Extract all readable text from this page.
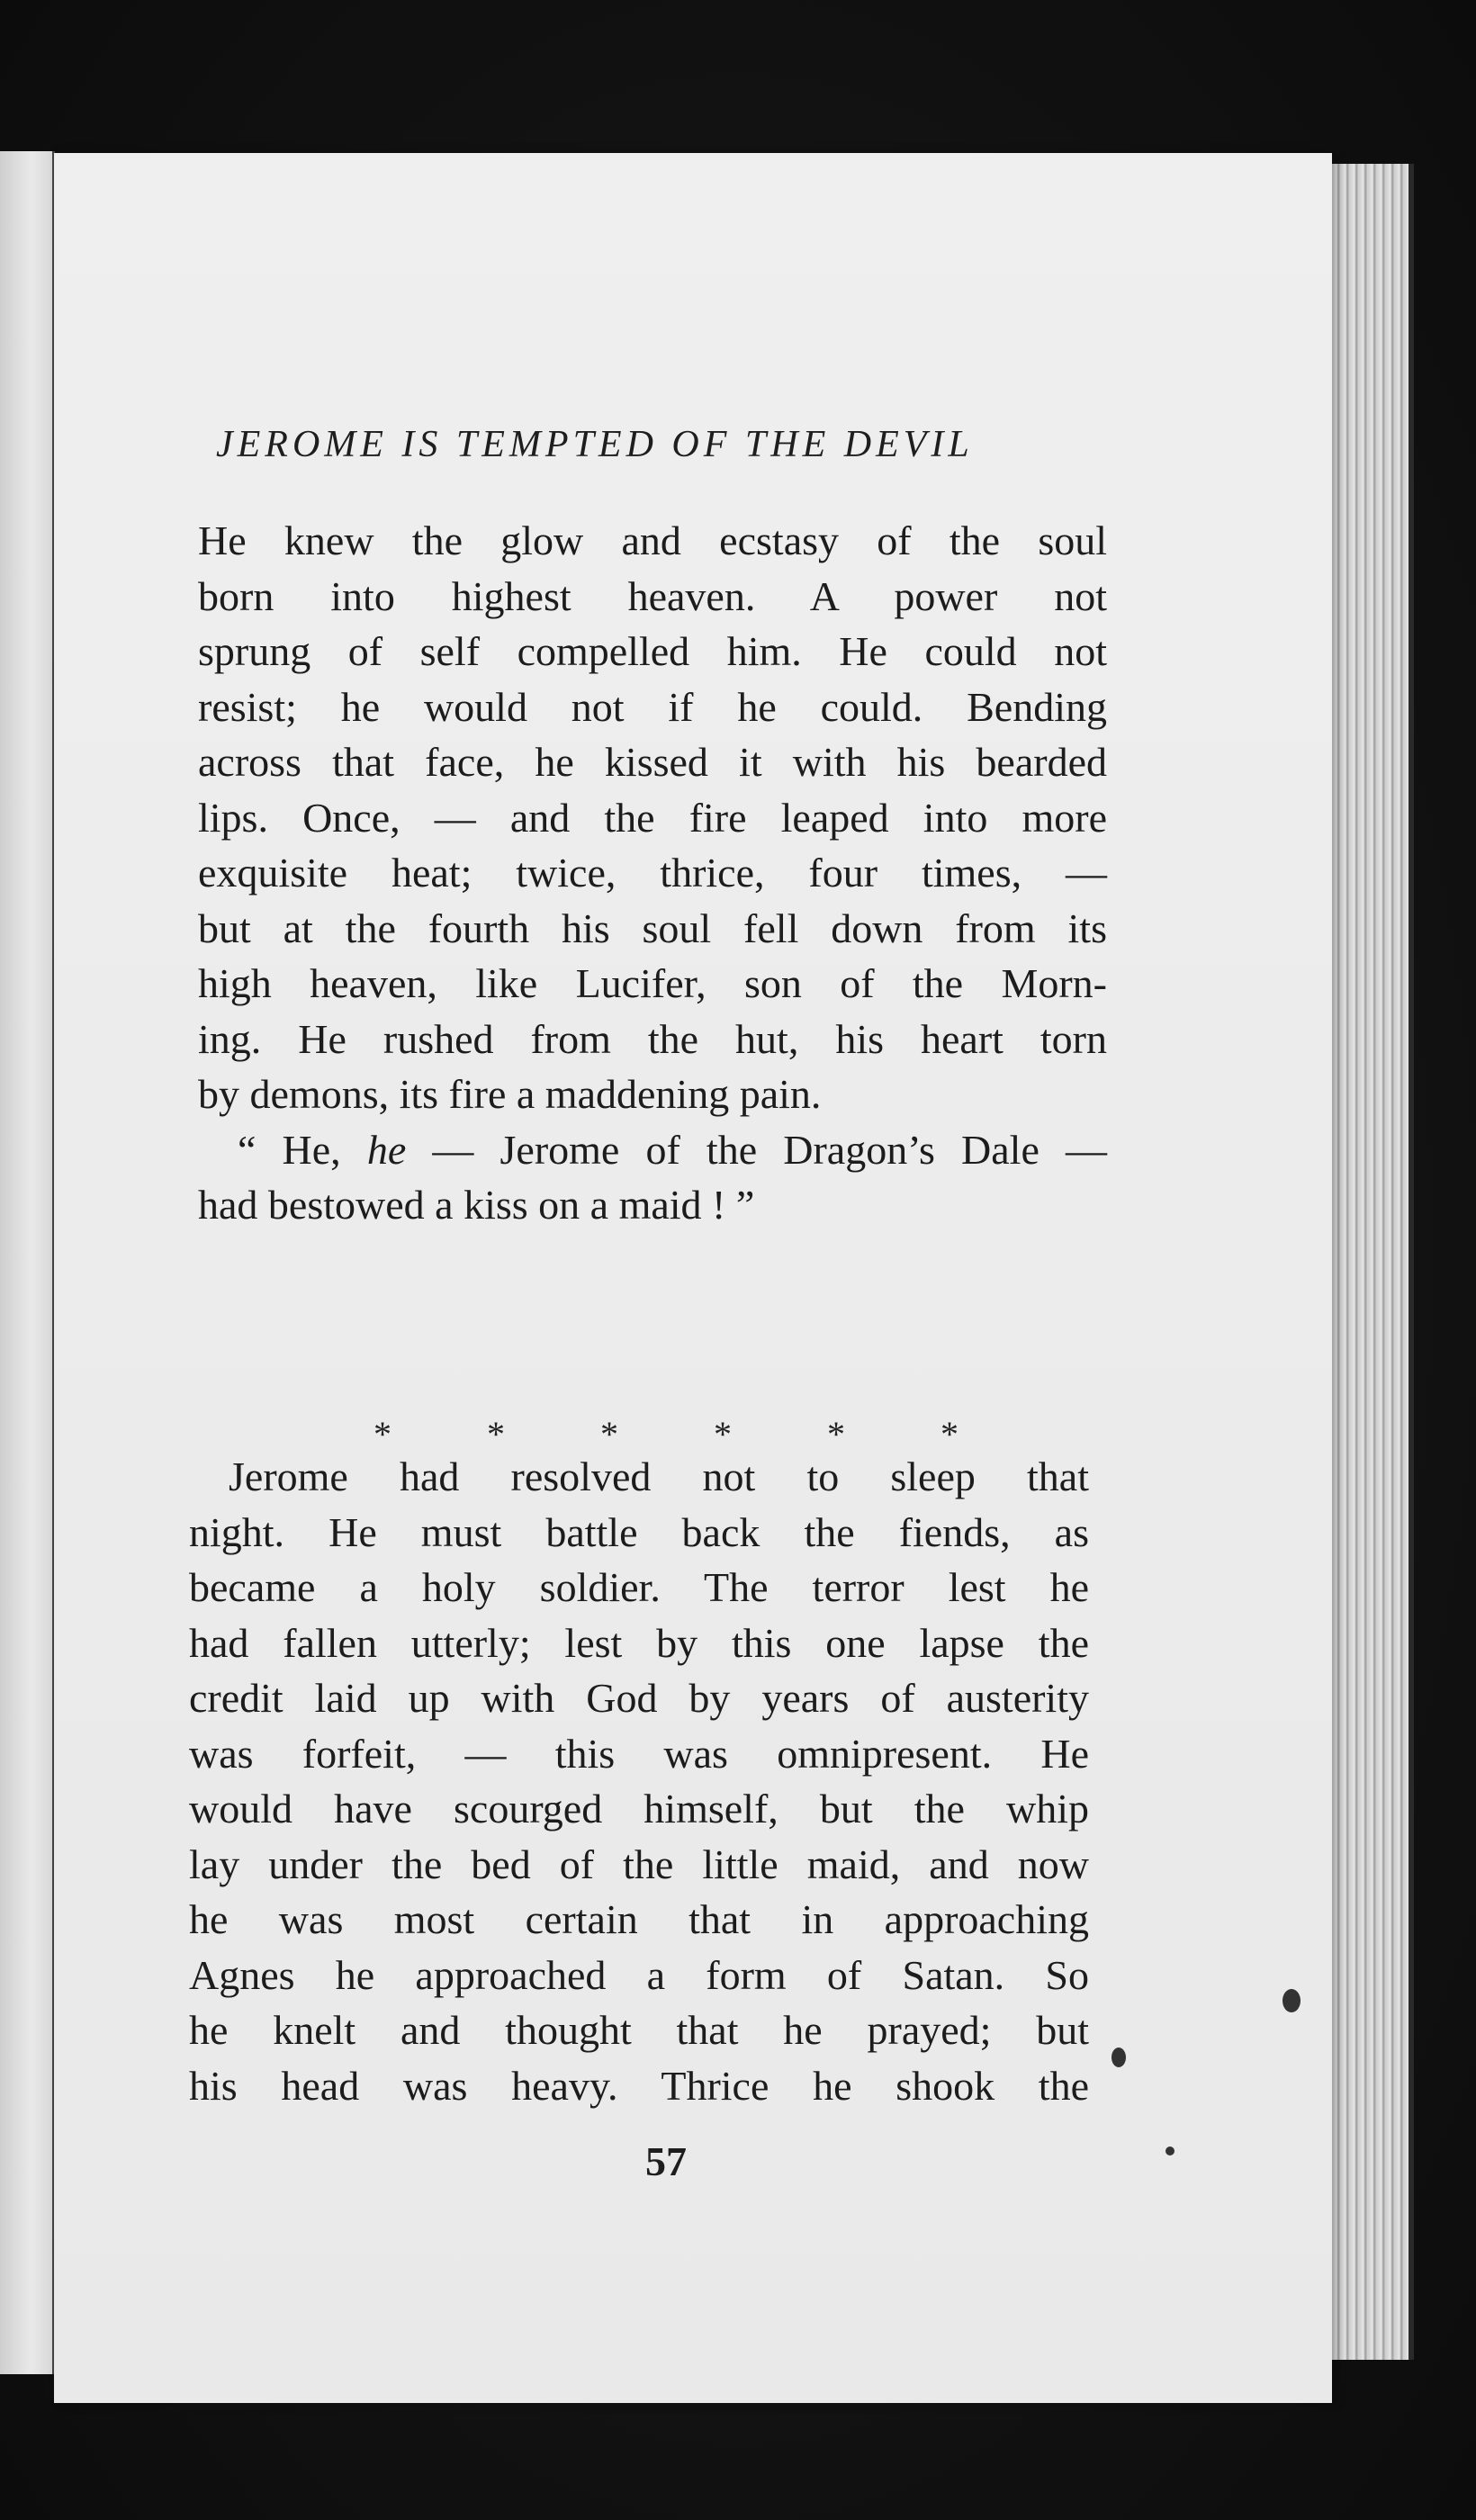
JEROME IS TEMPTED OF THE DEVIL
He knew the glow and ecstasy of the soul
born into highest heaven. A power not
sprung of self compelled him. He could not
resist; he would not if he could. Bending
across that face, he kissed it with his bearded
lips. Once, — and the fire leaped into more
exquisite heat; twice, thrice, four times, —
but at the fourth his soul fell down from its
high heaven, like Lucifer, son of the Morn-
ing. He rushed from the hut, his heart torn
by demons, its fire a maddening pain.
“ He, he — Jerome of the Dragon’s Dale —
had bestowed a kiss on a maid ! ”
*	*	*	*	*	*
Jerome had resolved not to sleep that
night. He must battle back the fiends, as
became a holy soldier. The terror lest he
had fallen utterly; lest by this one lapse the
credit laid up with God by years of austerity
was forfeit, — this was omnipresent. He
would have scourged himself, but the whip
lay under the bed of the little maid, and now
he was most certain that in approaching
Agnes he approached a form of Satan. So
he knelt and thought that he prayed; but
his head was heavy. Thrice he shook the
57
